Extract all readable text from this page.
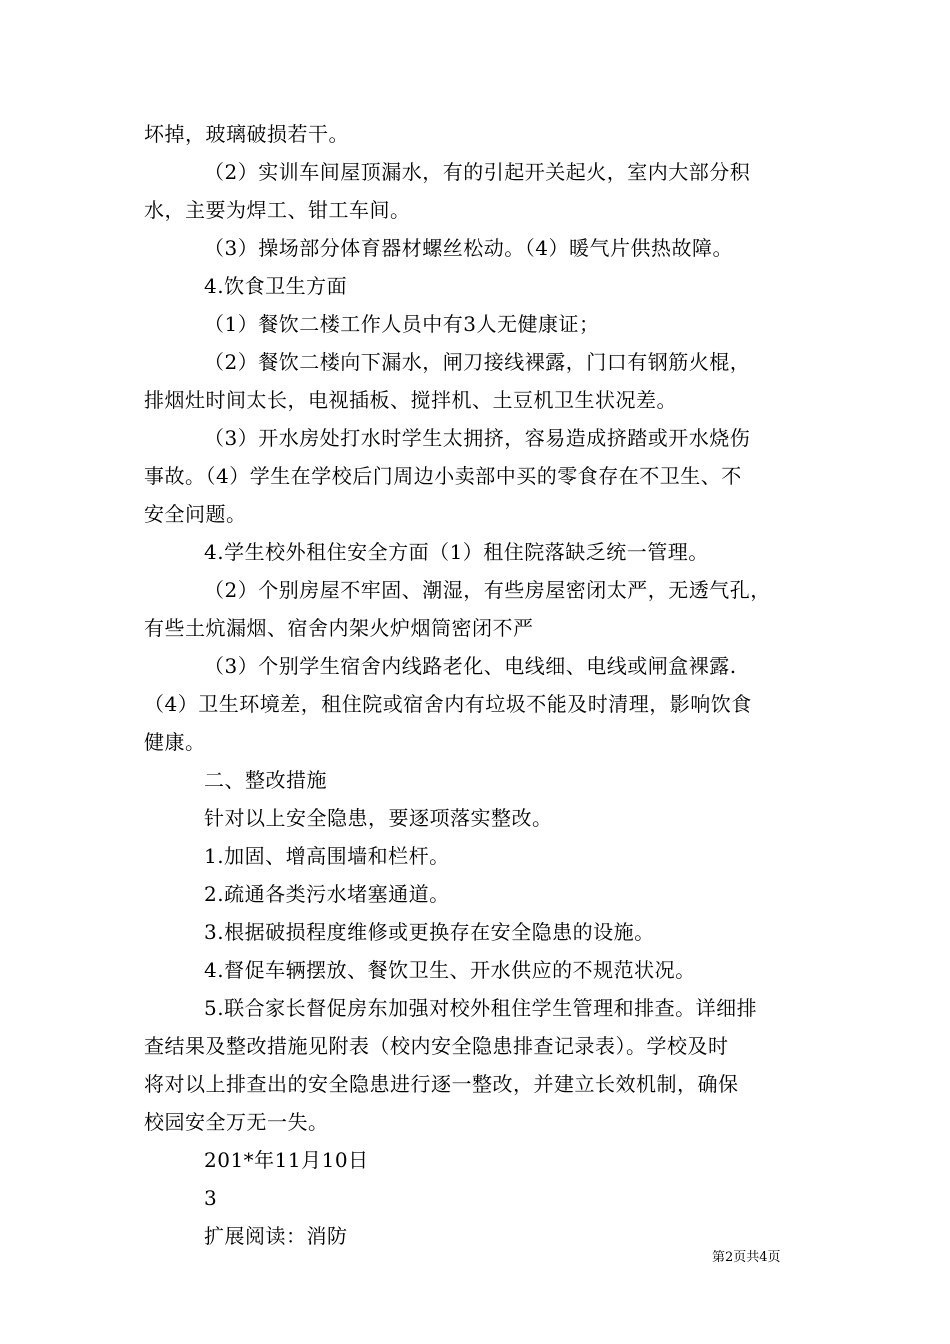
坏掉，玻璃破损若干。
（2）实训车间屋顶漏水，有的引起开关起火，室内大部分积
水，主要为焊工、钳工车间。
（3）操场部分体育器材螺丝松动。（4）暖气片供热故障。
4.饮食卫生方面
（1）餐饮二楼工作人员中有3人无健康证；
（2）餐饮二楼向下漏水，闸刀接线裸露，门口有钢筋火棍，
排烟灶时间太长，电视插板、搅拌机、土豆机卫生状况差。
（3）开水房处打水时学生太拥挤，容易造成挤踏或开水烧伤
事故。（4）学生在学校后门周边小卖部中买的零食存在不卫生、不
安全问题。
4.学生校外租住安全方面（1）租住院落缺乏统一管理。
（2）个别房屋不牢固、潮湿，有些房屋密闭太严，无透气孔，
有些土炕漏烟、宿舍内架火炉烟筒密闭不严
（3）个别学生宿舍内线路老化、电线细、电线或闸盒裸露.
（4）卫生环境差，租住院或宿舍内有垃圾不能及时清理，影响饮食
健康。
二、整改措施
针对以上安全隐患，要逐项落实整改。
1.加固、增高围墙和栏杆。
2.疏通各类污水堵塞通道。
3.根据破损程度维修或更换存在安全隐患的设施。
4.督促车辆摆放、餐饮卫生、开水供应的不规范状况。
5.联合家长督促房东加强对校外租住学生管理和排查。详细排
查结果及整改措施见附表（校内安全隐患排查记录表）。学校及时
将对以上排查出的安全隐患进行逐一整改，并建立长效机制，确保
校园安全万无一失。
201*年11月10日
3
扩展阅读：消防
第2页共4页
